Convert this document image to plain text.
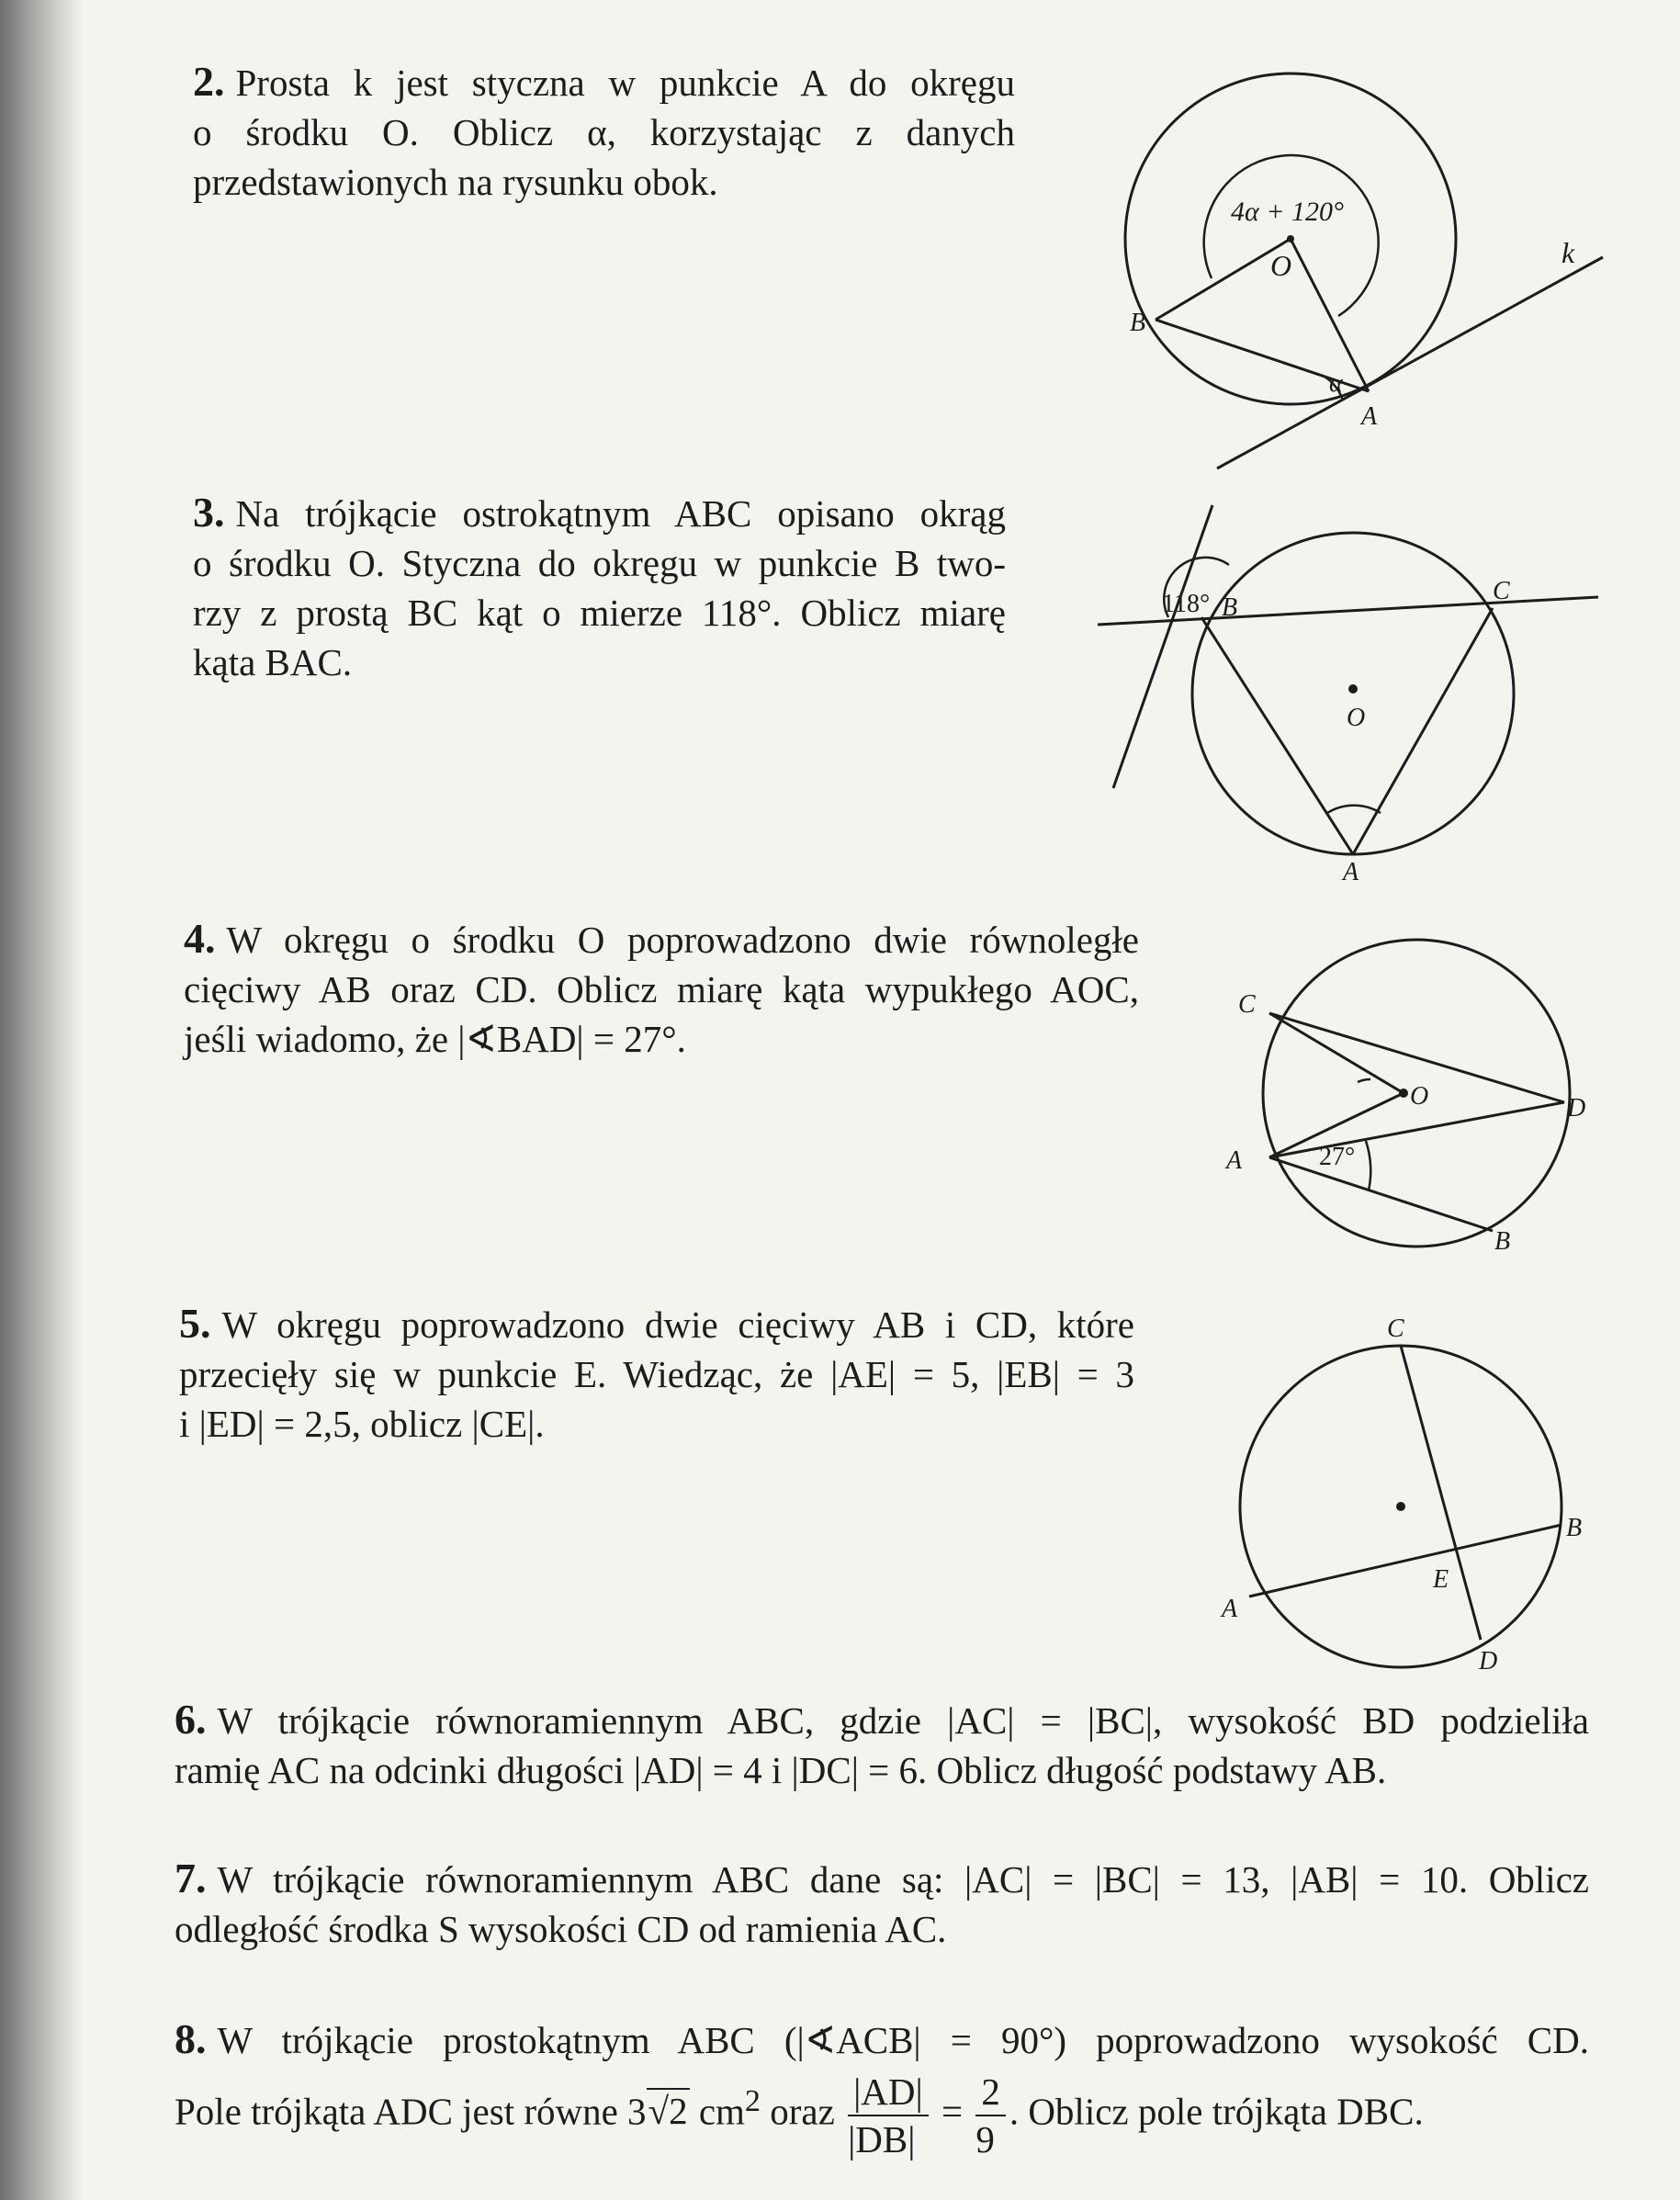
2. Prosta k jest styczna w punkcie A do okręgu

o środku O. Oblicz α, korzystając z danych

przedstawionych na rysunku obok.

4α + 120°
O
B
A
α
k

3. Na trójkącie ostrokątnym ABC opisano okrąg

o środku O. Styczna do okręgu w punkcie B two-

rzy z prostą BC kąt o mierze 118°. Oblicz miarę

kąta BAC.

118° B
C
O
A

4. W okręgu o środku O poprowadzono dwie równoległe

cięciwy AB oraz CD. Oblicz miarę kąta wypukłego AOC,

jeśli wiadomo, że |∢BAD| = 27°.

C
O	D
A	27°
B

5. W okręgu poprowadzono dwie cięciwy AB i CD, które

przecięły się w punkcie E. Wiedząc, że |AE| = 5, |EB| = 3

i |ED| = 2,5, oblicz |CE|.

C
B
E
A
D

6. W trójkącie równoramiennym ABC, gdzie |AC| = |BC|, wysokość BD podzieliła

ramię AC na odcinki długości |AD| = 4 i |DC| = 6. Oblicz długość podstawy AB.

7. W trójkącie równoramiennym ABC dane są: |AC| = |BC| = 13, |AB| = 10. Oblicz

odległość środka S wysokości CD od ramienia AC.

8. W trójkącie prostokątnym ABC (|∢ACB| = 90°) poprowadzono wysokość CD.

Pole trójkąta ADC jest równe 3√2 $cm^2$ oraz $\frac{|AD|}{|DB|} = \frac{2}{9}$ . Oblicz pole trójkąta DBC.
